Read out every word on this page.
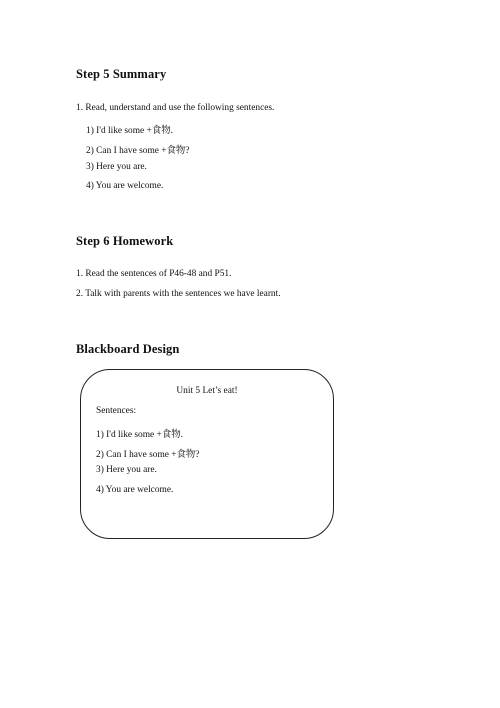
Step 5 Summary
1. Read, understand and use the following sentences.
1) I'd like some +食物.
2) Can I have some +食物?
3) Here you are.
4) You are welcome.
Step 6 Homework
1. Read the sentences of P46-48 and P51.
2. Talk with parents with the sentences we have learnt.
Blackboard Design
Unit 5 Let’s eat!
Sentences:
1) I'd like some +食物.
2) Can I have some +食物?
3) Here you are.
4) You are welcome.
